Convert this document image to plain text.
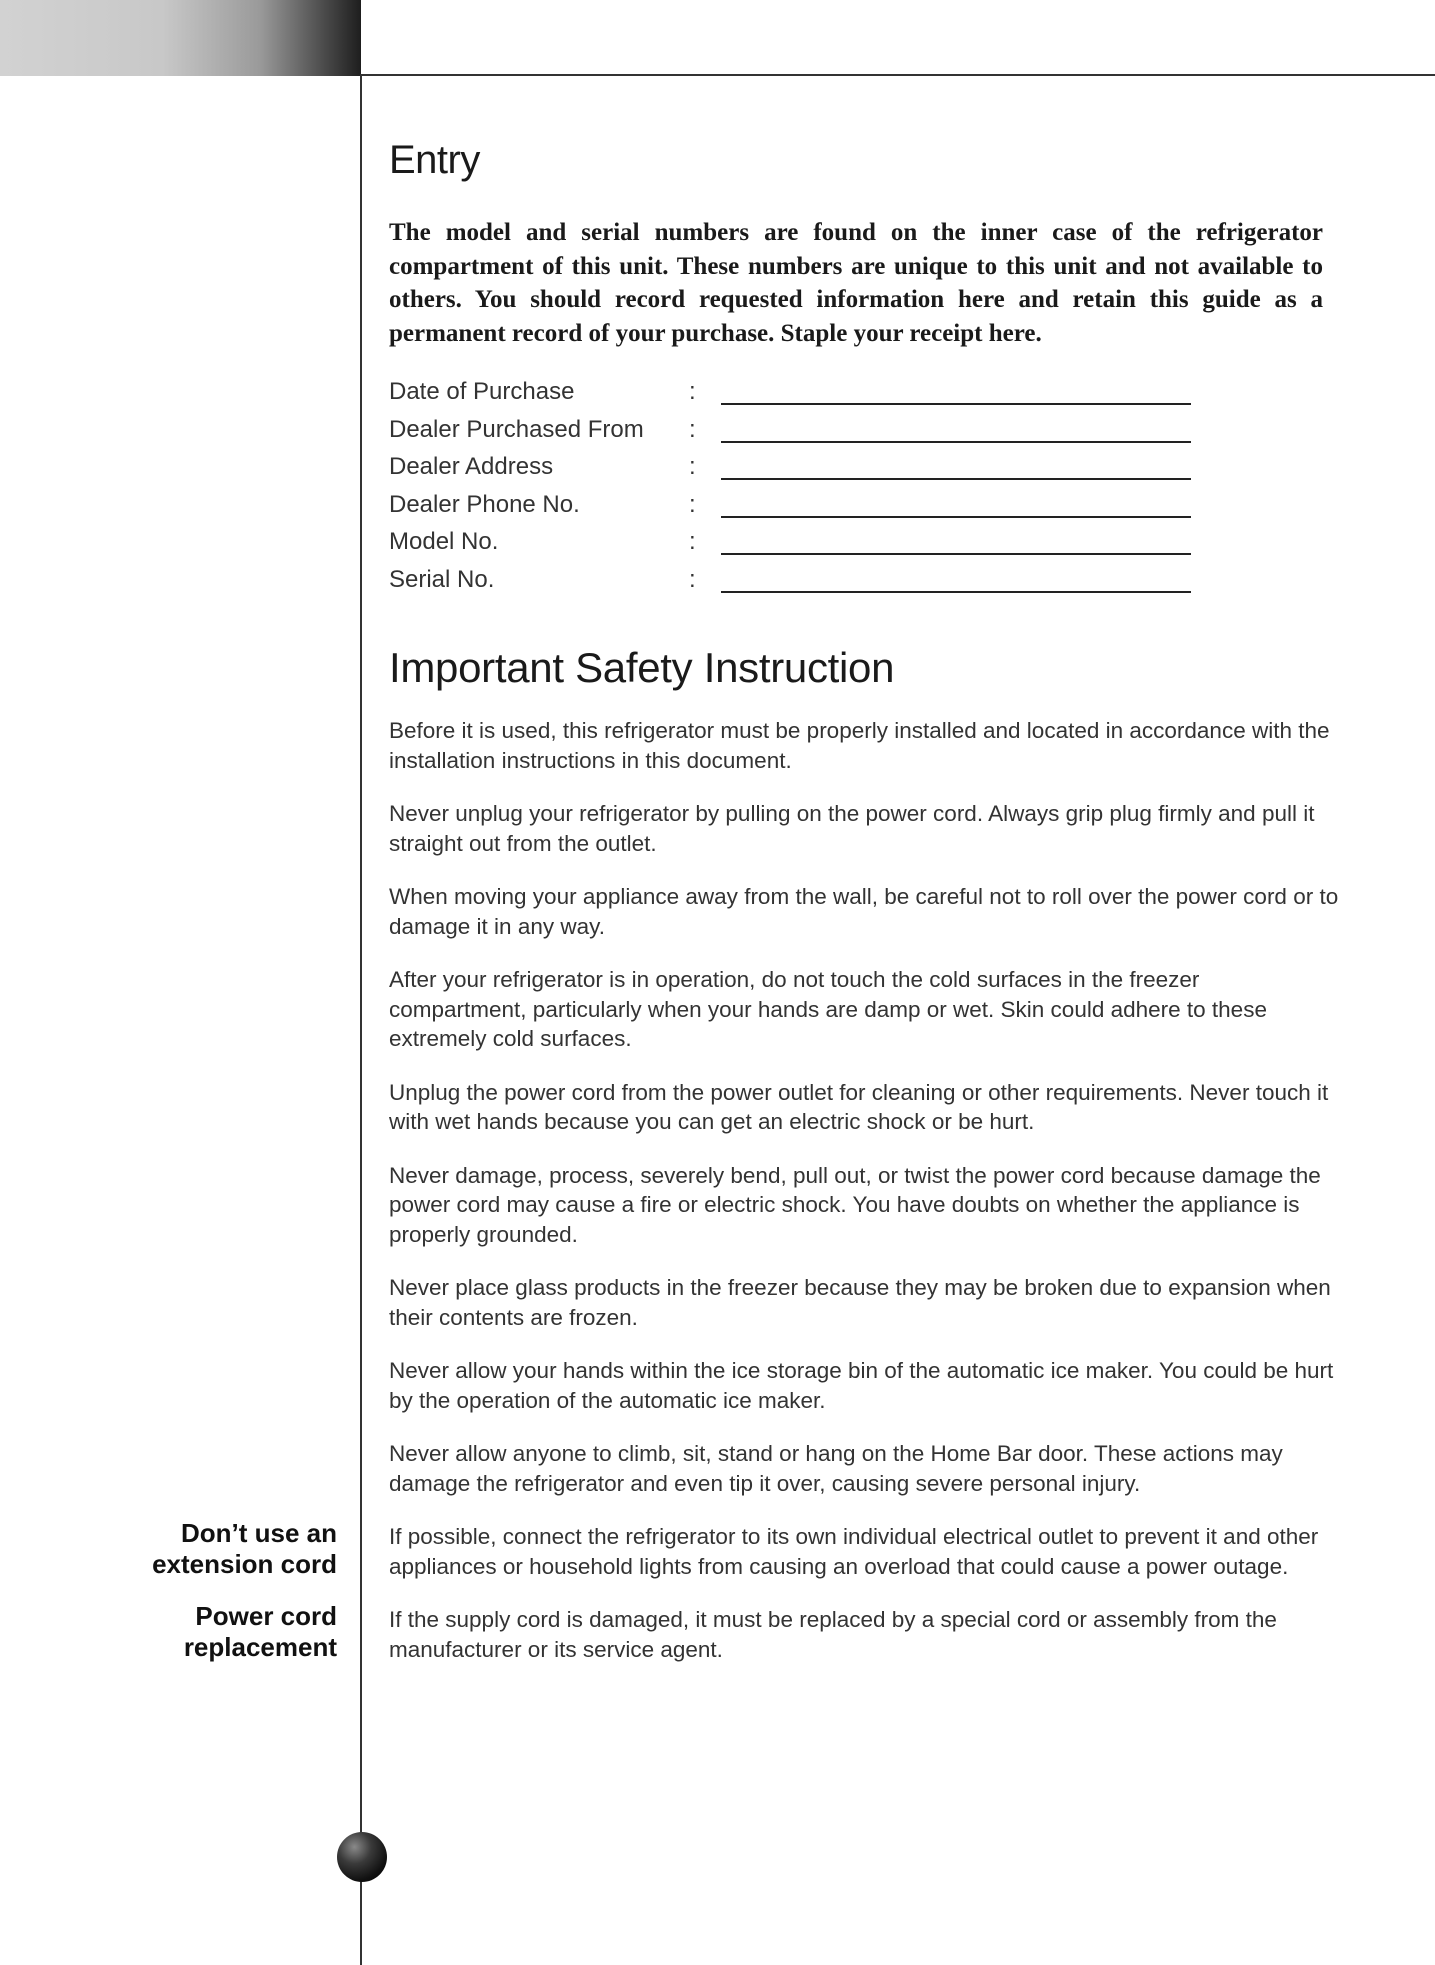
Entry

The model and serial numbers are found on the inner case of the refrigerator compartment of this unit. These numbers are unique to this unit and not available to others. You should record requested information here and retain this guide as a permanent record of your purchase. Staple your receipt here.

Date of Purchase	:
Dealer Purchased From :
Dealer Address	:
Dealer Phone No.	:
Model No.	:
Serial No.	:
Important Safety Instruction

Before it is used, this refrigerator must be properly installed and located in accordance with the installation instructions in this document.

Never unplug your refrigerator by pulling on the power cord. Always grip plug firmly and pull it straight out from the outlet.

When moving your appliance away from the wall, be careful not to roll over the power cord or to damage it in any way.

After your refrigerator is in operation, do not touch the cold surfaces in the freezer compartment, particularly when your hands are damp or wet. Skin could adhere to these extremely cold surfaces.

Unplug the power cord from the power outlet for cleaning or other requirements. Never touch it with wet hands because you can get an electric shock or be hurt.

Never damage, process, severely bend, pull out, or twist the power cord because damage the power cord may cause a fire or electric shock. You have doubts on whether the appliance is properly grounded.

Never place glass products in the freezer because they may be broken due to expansion when their contents are frozen.

Never allow your hands within the ice storage bin of the automatic ice maker. You could be hurt by the operation of the automatic ice maker.

Never allow anyone to climb, sit, stand or hang on the Home Bar door. These actions may damage the refrigerator and even tip it over, causing severe personal injury.

If possible, connect the refrigerator to its own individual electrical outlet to prevent it and other appliances or household lights from causing an overload that could cause a power outage.

If the supply cord is damaged, it must be replaced by a special cord or assembly from the manufacturer or its service agent.

Don’t use an
extension cord
Power cord
replacement
